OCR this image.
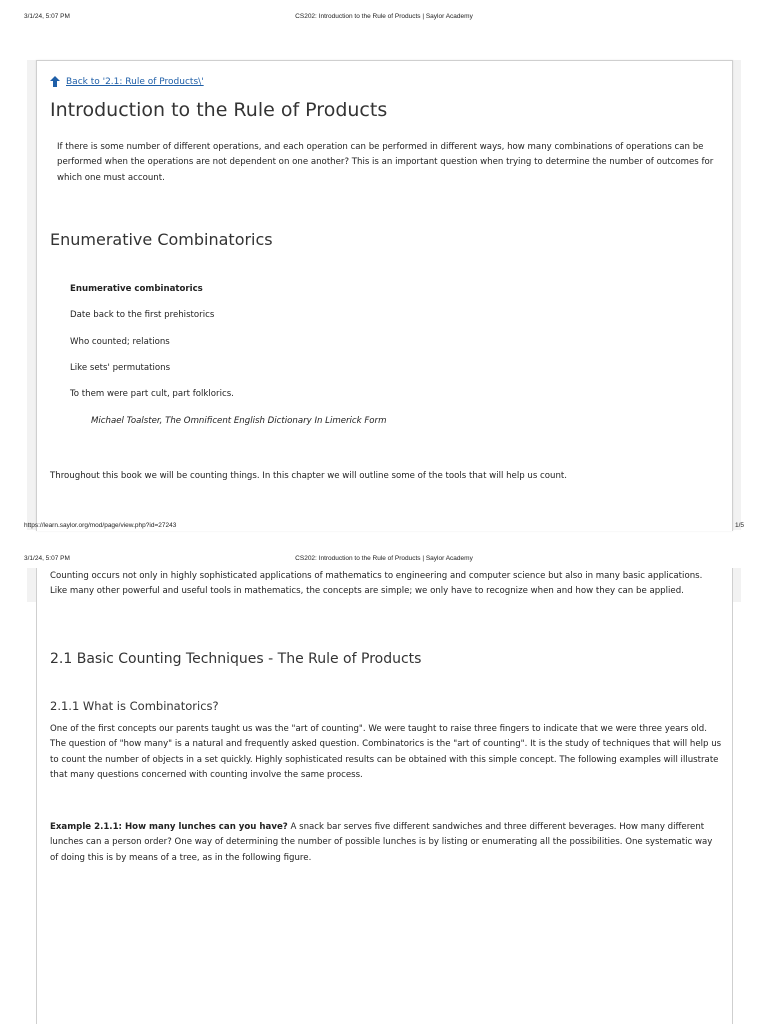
3/1/24, 5:07 PM	CS202: Introduction to the Rule of Products | Saylor Academy
Back to '2.1: Rule of Products\'
Introduction to the Rule of Products

If there is some number of different operations, and each operation can be performed in different ways, how many combinations of operations can be performed when the operations are not dependent on one another? This is an important question when trying to determine the number of outcomes for which one must account.

Enumerative Combinatorics
Enumerative combinatorics
Date back to the first prehistorics
Who counted; relations
Like sets' permutations
To them were part cult, part folklorics.
Michael Toalster, The Omnificent English Dictionary In Limerick Form

Throughout this book we will be counting things. In this chapter we will outline some of the tools that will help us count.

https://learn.saylor.org/mod/page/view.php?id=27243	1/5
3/1/24, 5:07 PM	CS202: Introduction to the Rule of Products | Saylor Academy

Counting occurs not only in highly sophisticated applications of mathematics to engineering and computer science but also in many basic applications. Like many other powerful and useful tools in mathematics, the concepts are simple; we only have to recognize when and how they can be applied.

2.1 Basic Counting Techniques - The Rule of Products
2.1.1 What is Combinatorics?

One of the first concepts our parents taught us was the "art of counting". We were taught to raise three fingers to indicate that we were three years old. The question of "how many" is a natural and frequently asked question. Combinatorics is the "art of counting". It is the study of techniques that will help us to count the number of objects in a set quickly. Highly sophisticated results can be obtained with this simple concept. The following examples will illustrate that many questions concerned with counting involve the same process.

Example 2.1.1: How many lunches can you have? A snack bar serves five different sandwiches and three different beverages. How many different lunches can a person order? One way of determining the number of possible lunches is by listing or enumerating all the possibilities. One systematic way of doing this is by means of a tree, as in the following figure.
